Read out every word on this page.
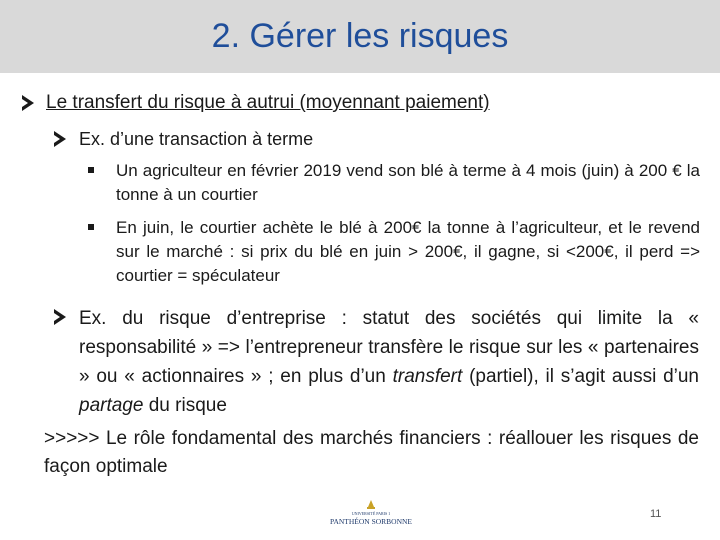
2. Gérer les risques
Le transfert du risque à autrui (moyennant paiement)
Ex. d’une transaction à terme
Un agriculteur en février 2019 vend son blé à terme à 4 mois (juin) à 200 € la tonne à un courtier
En juin, le courtier achète le blé à 200€ la tonne à l’agriculteur, et le revend sur le marché : si prix du blé en juin > 200€, il gagne, si <200€, il perd => courtier = spéculateur
Ex. du risque d’entreprise : statut des sociétés qui limite la « responsabilité » => l’entrepreneur transfère le risque sur les « partenaires » ou « actionnaires » ; en plus d’un transfert (partiel), il s’agit aussi d’un partage du risque
>>>>> Le rôle fondamental des marchés financiers : réallouer les risques de façon optimale
UNIVERSITÉ PARIS 1
PANTHÉON SORBONNE
11
